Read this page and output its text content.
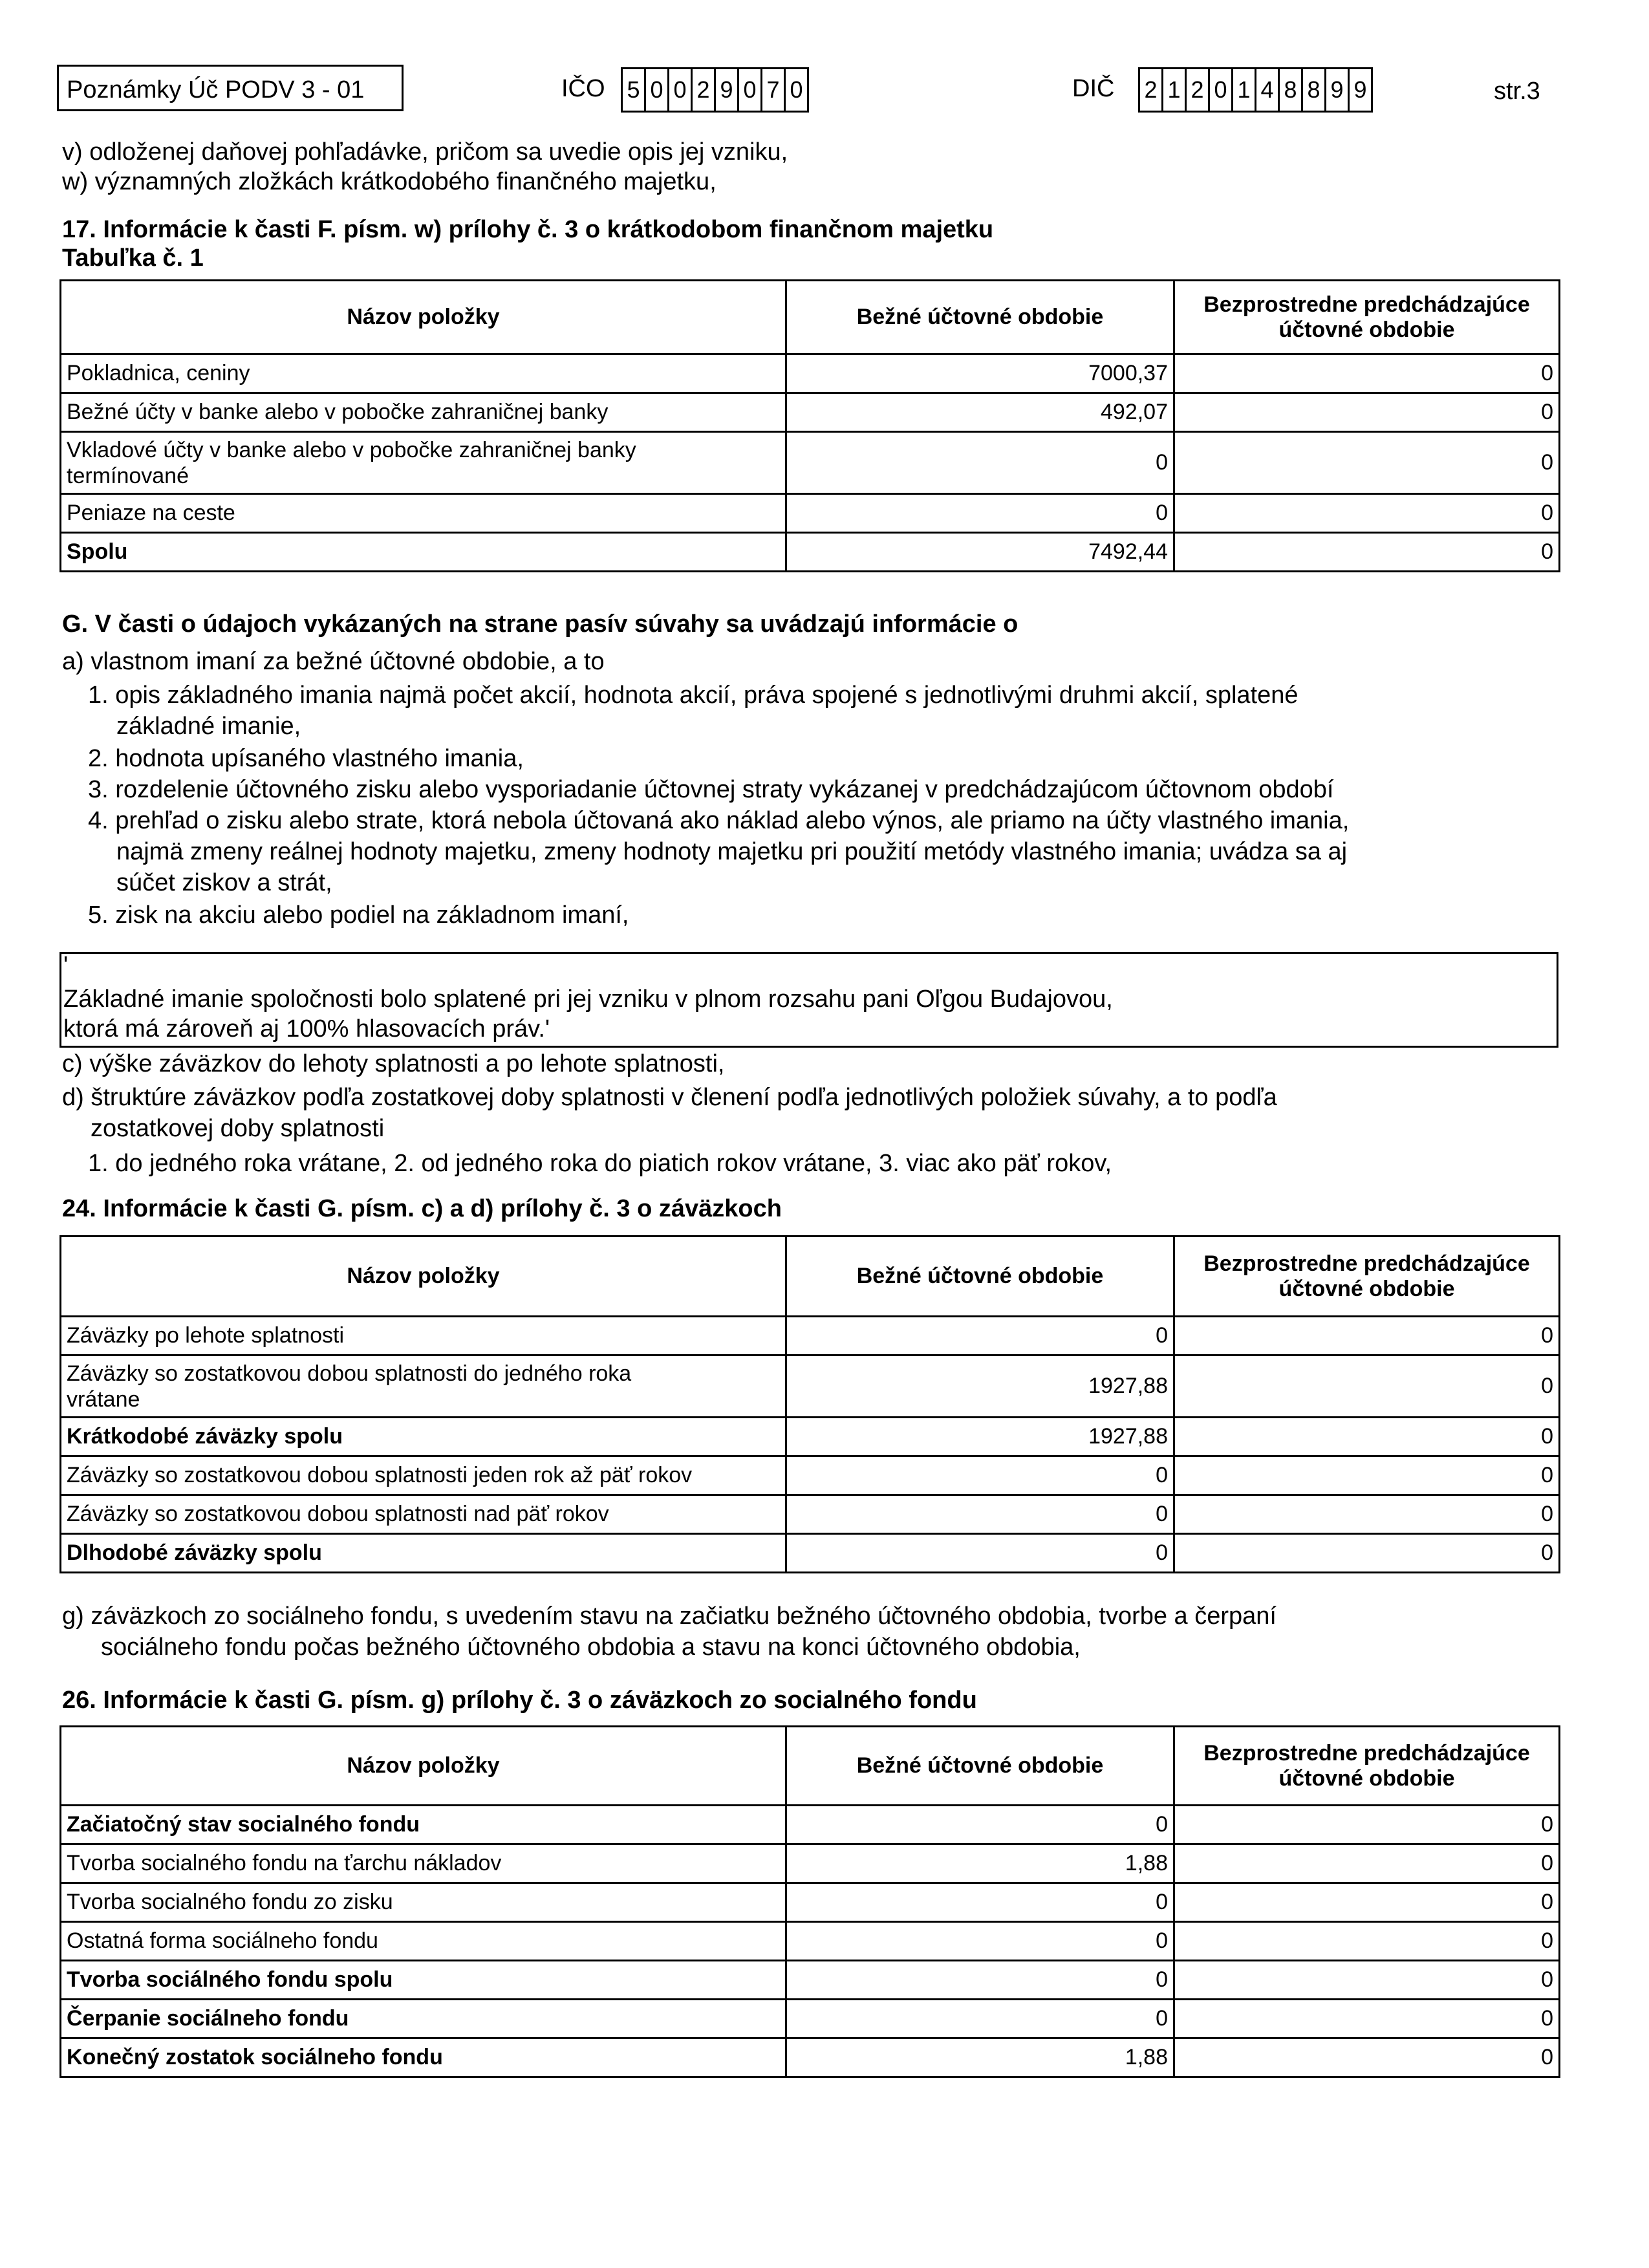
Poznámky Úč PODV 3 - 01	IČO 5 0 0 2 9 0 7 0	DIČ 2 1 2 0 1 4 8 8 9 9	str.3
v) odloženej daňovej pohľadávke, pričom sa uvedie opis jej vzniku,
w) významných zložkách krátkodobého finančného majetku,
17. Informácie k časti F. písm. w) prílohy č. 3 o krátkodobom finančnom majetku
Tabuľka č. 1
Názov položky	Bežné účtovné obdobie	Bezprostredne predchádzajúce
účtovné obdobie
Pokladnica, ceniny	7000,37	0
Bežné účty v banke alebo v pobočke zahraničnej banky	492,07	0
Vkladové účty v banke alebo v pobočke zahraničnej banky
termínované	0	0
Peniaze na ceste	0	0
Spolu	7492,44	0
G. V časti o údajoch vykázaných na strane pasív súvahy sa uvádzajú informácie o
a) vlastnom imaní za bežné účtovné obdobie, a to
1. opis základného imania najmä počet akcií, hodnota akcií, práva spojené s jednotlivými druhmi akcií, splatené
základné imanie,
2. hodnota upísaného vlastného imania,
3. rozdelenie účtovného zisku alebo vysporiadanie účtovnej straty vykázanej v predchádzajúcom účtovnom období
4. prehľad o zisku alebo strate, ktorá nebola účtovaná ako náklad alebo výnos, ale priamo na účty vlastného imania,
najmä zmeny reálnej hodnoty majetku, zmeny hodnoty majetku pri použití metódy vlastného imania; uvádza sa aj
súčet ziskov a strát,
5. zisk na akciu alebo podiel na základnom imaní,
'
Základné imanie spoločnosti bolo splatené pri jej vzniku v plnom rozsahu pani Oľgou Budajovou,
ktorá má zároveň aj 100% hlasovacích práv.'
c) výške záväzkov do lehoty splatnosti a po lehote splatnosti,
d) štruktúre záväzkov podľa zostatkovej doby splatnosti v členení podľa jednotlivých položiek súvahy, a to podľa
zostatkovej doby splatnosti
1. do jedného roka vrátane, 2. od jedného roka do piatich rokov vrátane, 3. viac ako päť rokov,
24. Informácie k časti G. písm. c) a d) prílohy č. 3 o záväzkoch
Názov položky	Bežné účtovné obdobie	Bezprostredne predchádzajúce
účtovné obdobie
Záväzky po lehote splatnosti	0	0
Záväzky so zostatkovou dobou splatnosti do jedného roka
vrátane	1927,88	0
Krátkodobé záväzky spolu	1927,88	0
Záväzky so zostatkovou dobou splatnosti jeden rok až päť rokov	0	0
Záväzky so zostatkovou dobou splatnosti nad päť rokov	0	0
Dlhodobé záväzky spolu	0	0
g) záväzkoch zo sociálneho fondu, s uvedením stavu na začiatku bežného účtovného obdobia, tvorbe a čerpaní
sociálneho fondu počas bežného účtovného obdobia a stavu na konci účtovného obdobia,
26. Informácie k časti G. písm. g) prílohy č. 3 o záväzkoch zo socialného fondu
Názov položky	Bežné účtovné obdobie	Bezprostredne predchádzajúce
účtovné obdobie
Začiatočný stav socialného fondu	0	0
Tvorba socialného fondu na ťarchu nákladov	1,88	0
Tvorba socialného fondu zo zisku	0	0
Ostatná forma sociálneho fondu	0	0
Tvorba sociálného fondu spolu	0	0
Čerpanie sociálneho fondu	0	0
Konečný zostatok sociálneho fondu	1,88	0
